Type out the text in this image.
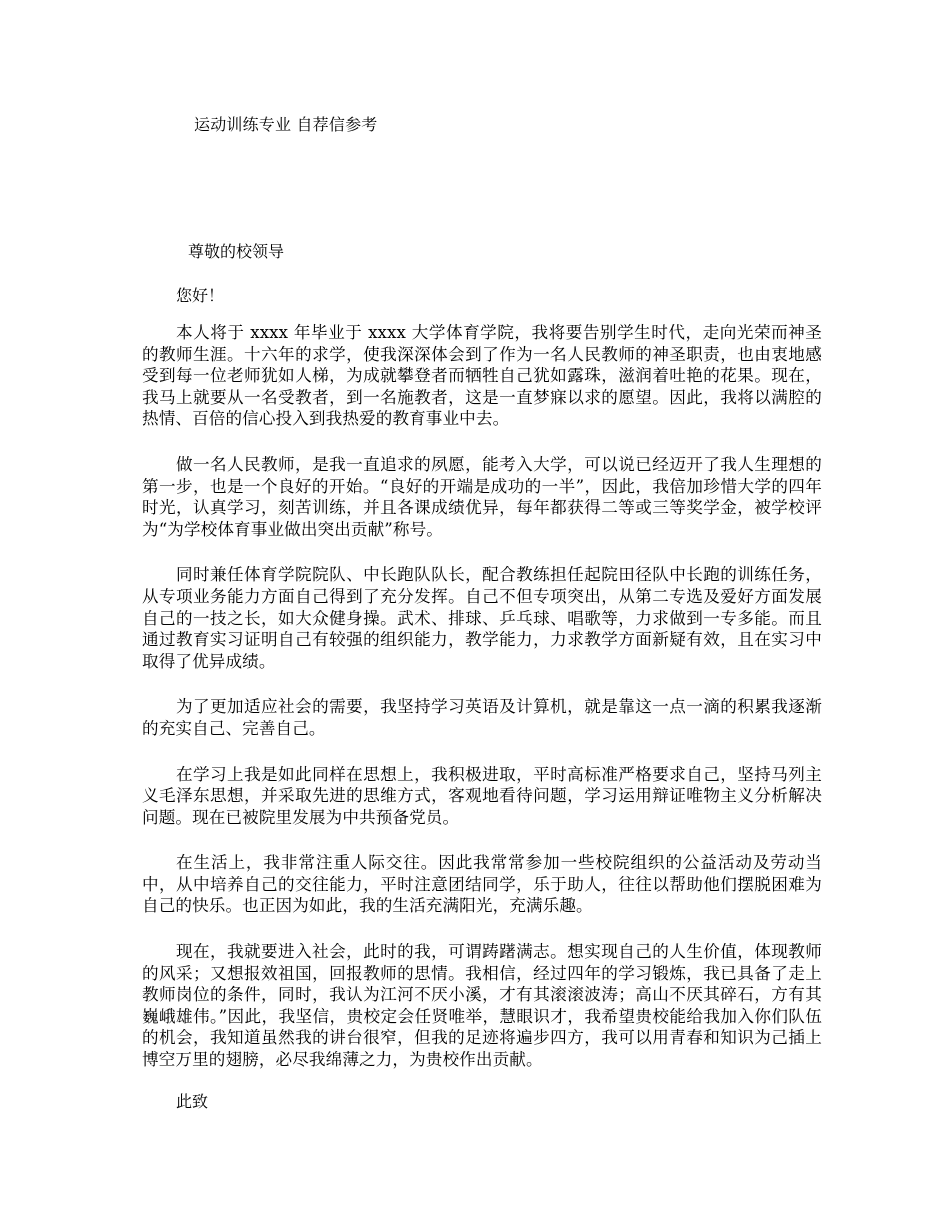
运动训练专业 自荐信参考
尊敬的校领导
您好！

本人将于 xxxx 年毕业于 xxxx 大学体育学院，我将要告别学生时代，走向光荣而神圣的教师生涯。十六年的求学，使我深深体会到了作为一名人民教师的神圣职责，也由衷地感受到每一位老师犹如人梯，为成就攀登者而牺牲自己犹如露珠，滋润着吐艳的花果。现在，我马上就要从一名受教者，到一名施教者，这是一直梦寐以求的愿望。因此，我将以满腔的热情、百倍的信心投入到我热爱的教育事业中去。

做一名人民教师，是我一直追求的夙愿，能考入大学，可以说已经迈开了我人生理想的第一步，也是一个良好的开始。“良好的开端是成功的一半”，因此，我倍加珍惜大学的四年时光，认真学习，刻苦训练，并且各课成绩优异，每年都获得二等或三等奖学金，被学校评为“为学校体育事业做出突出贡献”称号。

同时兼任体育学院院队、中长跑队队长，配合教练担任起院田径队中长跑的训练任务，从专项业务能力方面自己得到了充分发挥。自己不但专项突出，从第二专选及爱好方面发展自己的一技之长，如大众健身操。武术、排球、乒乓球、唱歌等，力求做到一专多能。而且通过教育实习证明自己有较强的组织能力，教学能力，力求教学方面新疑有效，且在实习中取得了优异成绩。

为了更加适应社会的需要，我坚持学习英语及计算机，就是靠这一点一滴的积累我逐渐的充实自己、完善自己。

在学习上我是如此同样在思想上，我积极进取，平时高标准严格要求自己，坚持马列主义毛泽东思想，并采取先进的思维方式，客观地看待问题，学习运用辩证唯物主义分析解决问题。现在已被院里发展为中共预备党员。

在生活上，我非常注重人际交往。因此我常常参加一些校院组织的公益活动及劳动当中，从中培养自己的交往能力，平时注意团结同学，乐于助人，往往以帮助他们摆脱困难为自己的快乐。也正因为如此，我的生活充满阳光，充满乐趣。

现在，我就要进入社会，此时的我，可谓踌躇满志。想实现自己的人生价值，体现教师的风采；又想报效祖国，回报教师的思情。我相信，经过四年的学习锻炼，我已具备了走上教师岗位的条件，同时，我认为江河不厌小溪，才有其滚滚波涛；高山不厌其碎石，方有其巍峨雄伟。”因此，我坚信，贵校定会任贤唯举，慧眼识才，我希望贵校能给我加入你们队伍的机会，我知道虽然我的讲台很窄，但我的足迹将遍步四方，我可以用青春和知识为己插上博空万里的翅膀，必尽我绵薄之力，为贵校作出贡献。

此致
